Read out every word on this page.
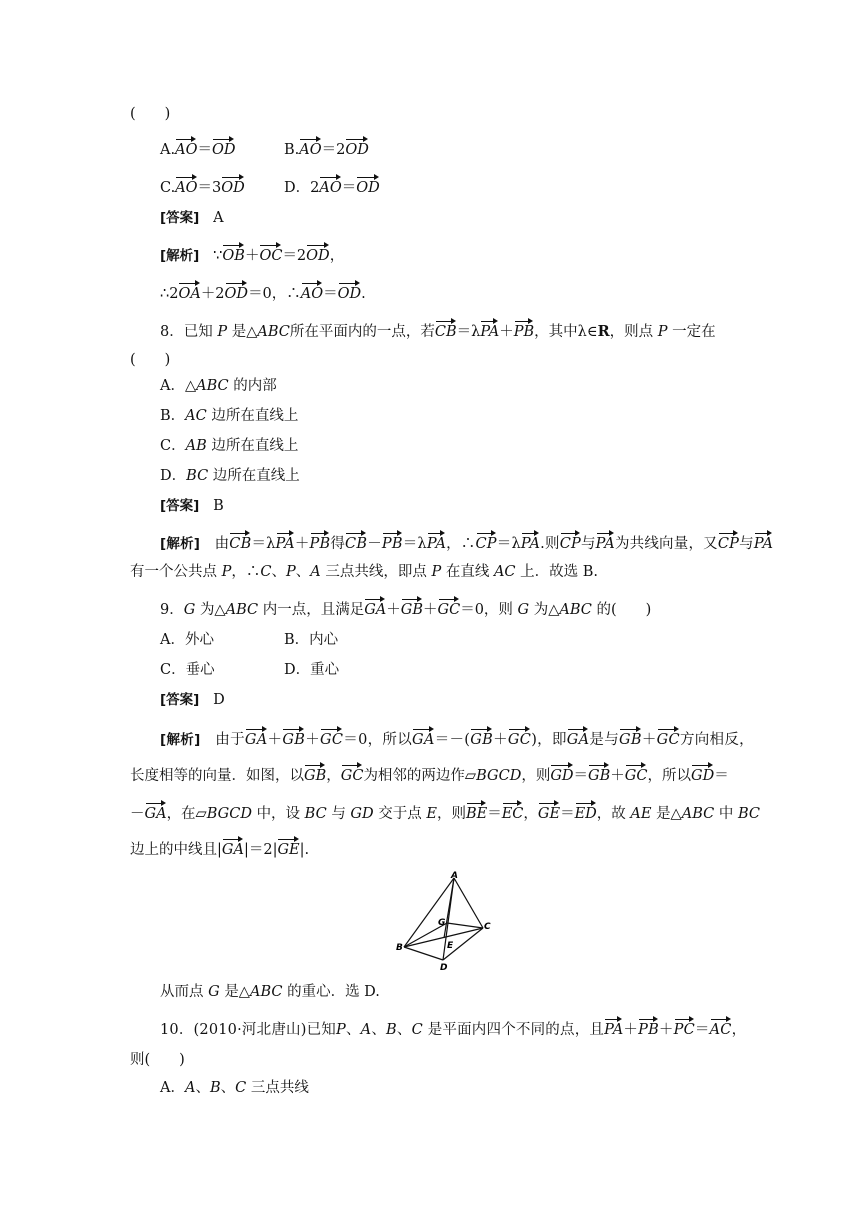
(　　)
A.AO＝OD	B.AO＝2OD
C.AO＝3OD	D．2AO＝OD
[答案] A
[解析] ∵OB＋OC＝2OD，
∴2OA＋2OD＝0，∴AO＝OD.
8．已知 P 是△ABC所在平面内的一点，若CB＝λPA＋PB，其中λ∈R，则点 P 一定在
(　　)
A．△ABC 的内部
B．AC 边所在直线上
C．AB 边所在直线上
D．BC 边所在直线上
[答案] B
[解析] 由CB＝λPA＋PB得CB－PB＝λPA，∴CP＝λPA.则CP与PA为共线向量，又CP与PA
有一个公共点 P，∴C、P、A 三点共线，即点 P 在直线 AC 上．故选 B.
9．G 为△ABC 内一点，且满足GA＋GB＋GC＝0，则 G 为△ABC 的(　　)
A．外心	B．内心
C．垂心	D．重心
[答案] D
[解析] 由于GA＋GB＋GC＝0，所以GA＝－(GB＋GC)，即GA是与GB＋GC方向相反，
长度相等的向量．如图，以GB，GC为相邻的两边作▱BGCD，则GD＝GB＋GC，所以GD＝
－GA，在▱BGCD 中，设 BC 与 GD 交于点 E，则BE＝EC，GE＝ED，故 AE 是△ABC 中 BC
边上的中线且|GA|＝2|GE|.
A
G	C
B	E
D
从而点 G 是△ABC 的重心．选 D.
10．(2010·河北唐山)已知P、A、B、C 是平面内四个不同的点，且PA＋PB＋PC＝AC，
则(　　)
A．A、B、C 三点共线
